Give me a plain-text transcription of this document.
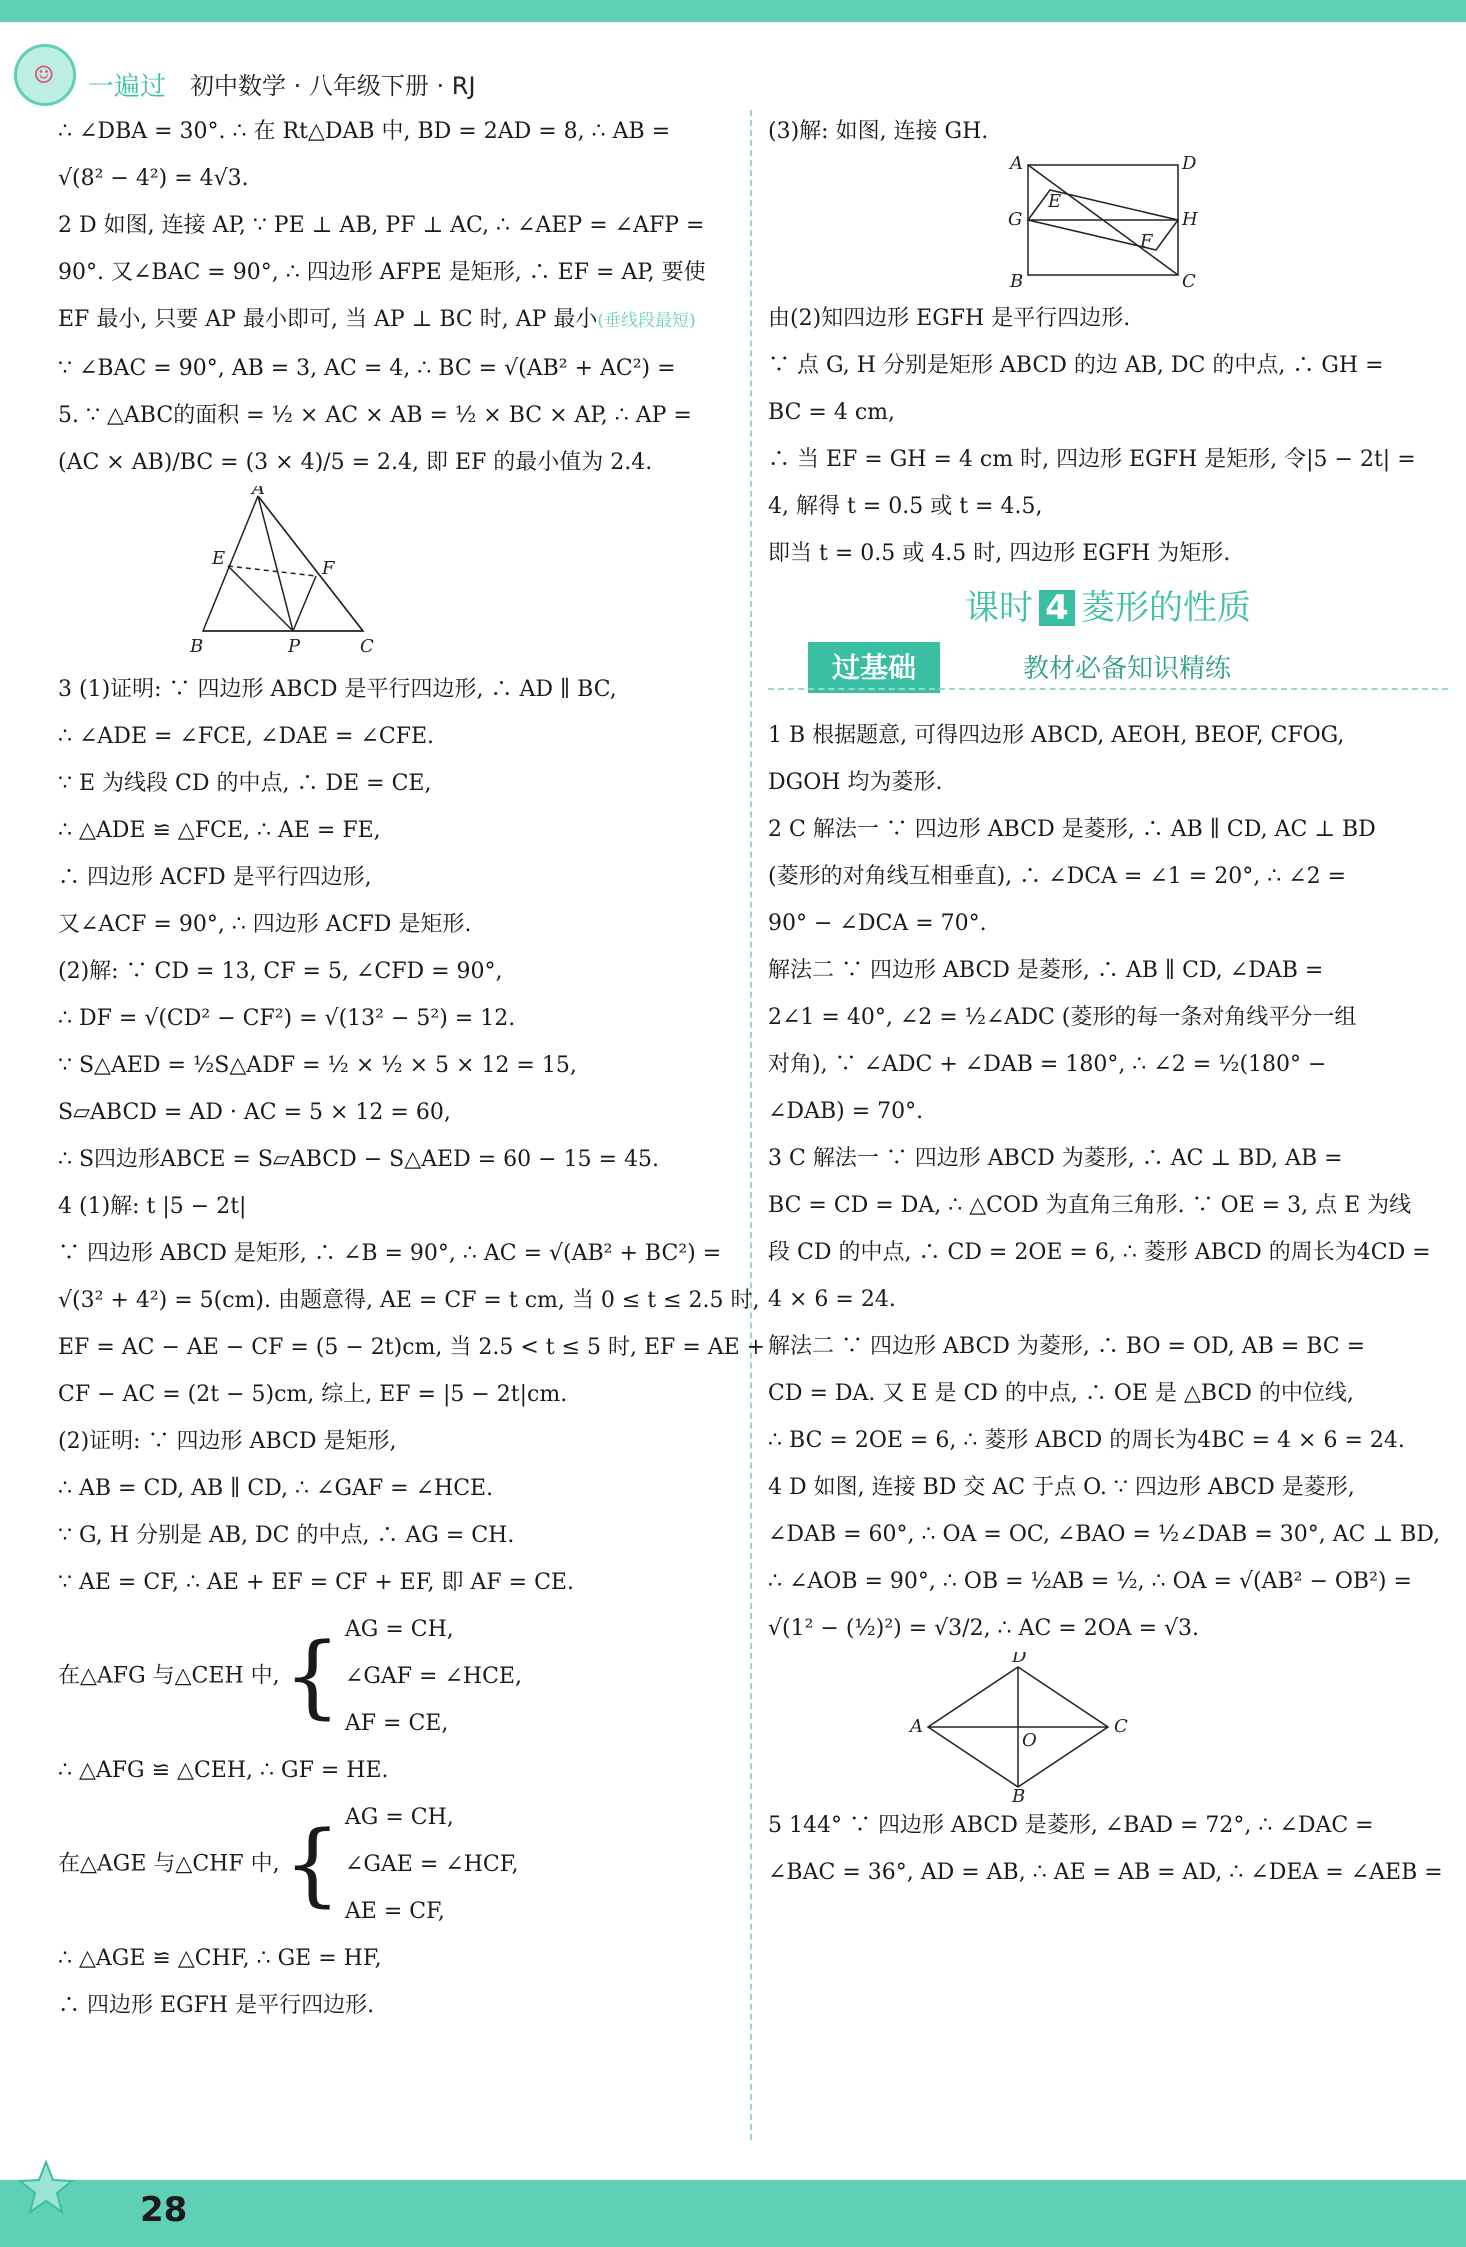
☺ 一遍过 初中数学 · 八年级下册 · RJ
∴ ∠DBA = 30°. ∴ 在 Rt△DAB 中, BD = 2AD = 8, ∴ AB =
√(8² − 4²) = 4√3.
2 D 如图, 连接 AP, ∵ PE ⊥ AB, PF ⊥ AC, ∴ ∠AEP = ∠AFP =
90°. 又∠BAC = 90°, ∴ 四边形 AFPE 是矩形, ∴ EF = AP, 要使
EF 最小, 只要 AP 最小即可, 当 AP ⊥ BC 时, AP 最小(垂线段最短)
∵ ∠BAC = 90°, AB = 3, AC = 4, ∴ BC = √(AB² + AC²) =
5. ∵ △ABC的面积 = ½ × AC × AB = ½ × BC × AP, ∴ AP =
(AC × AB)/BC = (3 × 4)/5 = 2.4, 即 EF 的最小值为 2.4.
A
E	F
B	P	C
3 (1)证明: ∵ 四边形 ABCD 是平行四边形, ∴ AD ∥ BC,
∴ ∠ADE = ∠FCE, ∠DAE = ∠CFE.
∵ E 为线段 CD 的中点, ∴ DE = CE,
∴ △ADE ≌ △FCE, ∴ AE = FE,
∴ 四边形 ACFD 是平行四边形,
又∠ACF = 90°, ∴ 四边形 ACFD 是矩形.
(2)解: ∵ CD = 13, CF = 5, ∠CFD = 90°,
∴ DF = √(CD² − CF²) = √(13² − 5²) = 12.
∵ S△AED = ½S△ADF = ½ × ½ × 5 × 12 = 15,
S▱ABCD = AD · AC = 5 × 12 = 60,
∴ S四边形ABCE = S▱ABCD − S△AED = 60 − 15 = 45.
4 (1)解: t |5 − 2t|
∵ 四边形 ABCD 是矩形, ∴ ∠B = 90°, ∴ AC = √(AB² + BC²) =
√(3² + 4²) = 5(cm). 由题意得, AE = CF = t cm, 当 0 ≤ t ≤ 2.5 时,
EF = AC − AE − CF = (5 − 2t)cm, 当 2.5 < t ≤ 5 时, EF = AE +
CF − AC = (2t − 5)cm, 综上, EF = |5 − 2t|cm.
(2)证明: ∵ 四边形 ABCD 是矩形,
∴ AB = CD, AB ∥ CD, ∴ ∠GAF = ∠HCE.
∵ G, H 分别是 AB, DC 的中点, ∴ AG = CH.
∵ AE = CF, ∴ AE + EF = CF + EF, 即 AF = CE.
在△AFG 与△CEH 中,{ AG = CH,
∠GAF = ∠HCE,
AF = CE,
∴ △AFG ≌ △CEH, ∴ GF = HE.
在△AGE 与△CHF 中,{ AG = CH,
∠GAE = ∠HCF,
AE = CF,
∴ △AGE ≌ △CHF, ∴ GE = HF,
∴ 四边形 EGFH 是平行四边形.
(3)解: 如图, 连接 GH.
A	D
G
E
H
F
B	C
由(2)知四边形 EGFH 是平行四边形.
∵ 点 G, H 分别是矩形 ABCD 的边 AB, DC 的中点, ∴ GH =
BC = 4 cm,
∴ 当 EF = GH = 4 cm 时, 四边形 EGFH 是矩形, 令|5 − 2t| =
4, 解得 t = 0.5 或 t = 4.5,
即当 t = 0.5 或 4.5 时, 四边形 EGFH 为矩形.
课时 4 菱形的性质
过基础	教材必备知识精练
1 B 根据题意, 可得四边形 ABCD, AEOH, BEOF, CFOG,
DGOH 均为菱形.
2 C 解法一 ∵ 四边形 ABCD 是菱形, ∴ AB ∥ CD, AC ⊥ BD
(菱形的对角线互相垂直), ∴ ∠DCA = ∠1 = 20°, ∴ ∠2 =
90° − ∠DCA = 70°.
解法二 ∵ 四边形 ABCD 是菱形, ∴ AB ∥ CD, ∠DAB =
2∠1 = 40°, ∠2 = ½∠ADC (菱形的每一条对角线平分一组
对角), ∵ ∠ADC + ∠DAB = 180°, ∴ ∠2 = ½(180° −
∠DAB) = 70°.
3 C 解法一 ∵ 四边形 ABCD 为菱形, ∴ AC ⊥ BD, AB =
BC = CD = DA, ∴ △COD 为直角三角形. ∵ OE = 3, 点 E 为线
段 CD 的中点, ∴ CD = 2OE = 6, ∴ 菱形 ABCD 的周长为4CD =
4 × 6 = 24.
解法二 ∵ 四边形 ABCD 为菱形, ∴ BO = OD, AB = BC =
CD = DA. 又 E 是 CD 的中点, ∴ OE 是 △BCD 的中位线,
∴ BC = 2OE = 6, ∴ 菱形 ABCD 的周长为4BC = 4 × 6 = 24.
4 D 如图, 连接 BD 交 AC 于点 O. ∵ 四边形 ABCD 是菱形,
∠DAB = 60°, ∴ OA = OC, ∠BAO = ½∠DAB = 30°, AC ⊥ BD,
∴ ∠AOB = 90°, ∴ OB = ½AB = ½, ∴ OA = √(AB² − OB²) =
√(1² − (½)²) = √3/2, ∴ AC = 2OA = √3.
D
A
O
C
B
5 144° ∵ 四边形 ABCD 是菱形, ∠BAD = 72°, ∴ ∠DAC =
∠BAC = 36°, AD = AB, ∴ AE = AB = AD, ∴ ∠DEA = ∠AEB =
28
